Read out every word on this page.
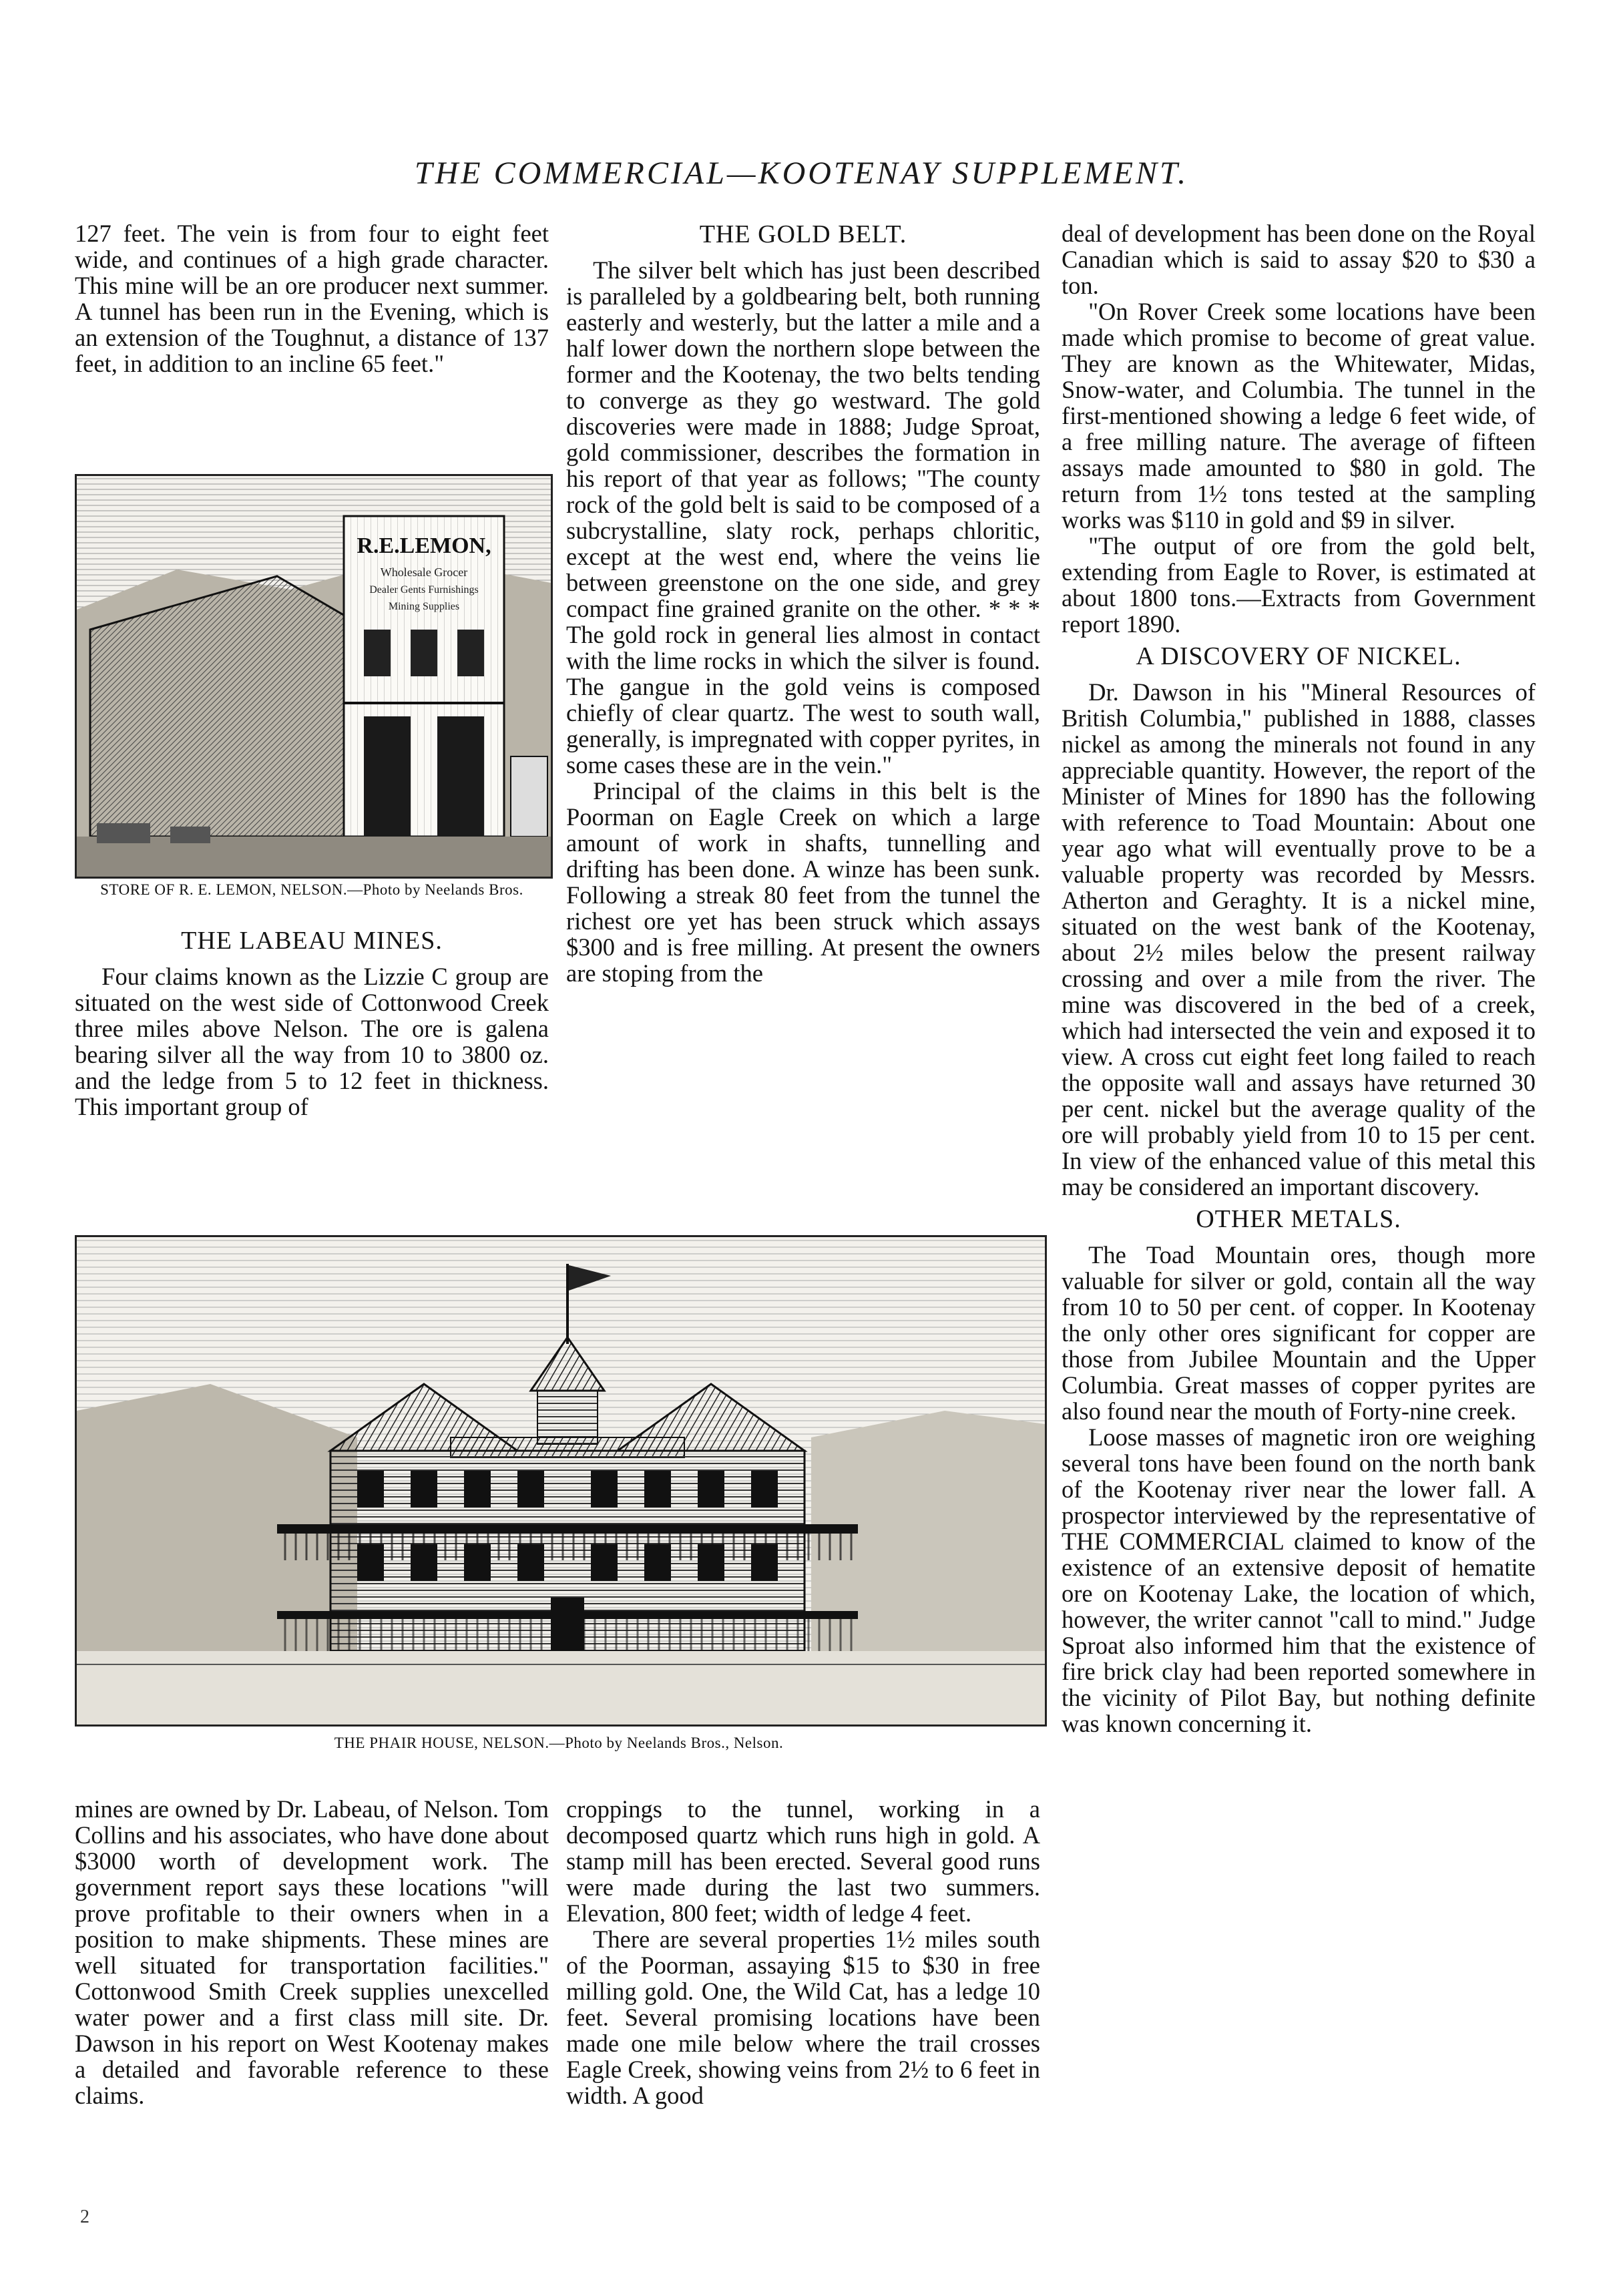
THE COMMERCIAL—KOOTENAY SUPPLEMENT.

127 feet. The vein is from four to eight feet wide, and continues of a high grade character. This mine will be an ore producer next summer. A tunnel has been run in the Evening, which is an extension of the Toughnut, a distance of 137 feet, in addition to an incline 65 feet."

R.E.LEMON,
Wholesale Grocer
Dealer Gents Furnishings
Mining Supplies
STORE OF R. E. LEMON, NELSON.—Photo by Neelands Bros.
THE LABEAU MINES.

Four claims known as the Lizzie C group are situated on the west side of Cottonwood Creek three miles above Nelson. The ore is galena bearing silver all the way from 10 to 3800 oz. and the ledge from 5 to 12 feet in thickness. This important group of

THE GOLD BELT.

The silver belt which has just been described is paralleled by a goldbearing belt, both running easterly and westerly, but the latter a mile and a half lower down the northern slope between the former and the Kootenay, the two belts tending to converge as they go westward. The gold discoveries were made in 1888; Judge Sproat, gold commissioner, describes the formation in his report of that year as follows; "The county rock of the gold belt is said to be composed of a subcrystalline, slaty rock, perhaps chloritic, except at the west end, where the veins lie between greenstone on the one side, and grey compact fine grained granite on the other. * * * The gold rock in general lies almost in contact with the lime rocks in which the silver is found. The gangue in the gold veins is composed chiefly of clear quartz. The west to south wall, generally, is impregnated with copper pyrites, in some cases these are in the vein."

Principal of the claims in this belt is the Poorman on Eagle Creek on which a large amount of work in shafts, tunnelling and drifting has been done. A winze has been sunk. Following a streak 80 feet from the tunnel the richest ore yet has been struck which assays $300 and is free milling. At present the owners are stoping from the

deal of development has been done on the Royal Canadian which is said to assay $20 to $30 a ton.

"On Rover Creek some locations have been made which promise to become of great value. They are known as the Whitewater, Midas, Snow-water, and Columbia. The tunnel in the first-mentioned showing a ledge 6 feet wide, of a free milling nature. The average of fifteen assays made amounted to $80 in gold. The return from 1½ tons tested at the sampling works was $110 in gold and $9 in silver.

"The output of ore from the gold belt, extending from Eagle to Rover, is estimated at about 1800 tons.—Extracts from Government report 1890.

A DISCOVERY OF NICKEL.

Dr. Dawson in his "Mineral Resources of British Columbia," published in 1888, classes nickel as among the minerals not found in any appreciable quantity. However, the report of the Minister of Mines for 1890 has the following with reference to Toad Mountain: About one year ago what will eventually prove to be a valuable property was recorded by Messrs. Atherton and Geraghty. It is a nickel mine, situated on the west bank of the Kootenay, about 2½ miles below the present railway crossing and over a mile from the river. The mine was discovered in the bed of a creek, which had intersected the vein and exposed it to view. A cross cut eight feet long failed to reach the opposite wall and assays have returned 30 per cent. nickel but the average quality of the ore will probably yield from 10 to 15 per cent. In view of the enhanced value of this metal this may be considered an important discovery.

OTHER METALS.

The Toad Mountain ores, though more valuable for silver or gold, contain all the way from 10 to 50 per cent. of copper. In Kootenay the only other ores significant for copper are those from Jubilee Mountain and the Upper Columbia. Great masses of copper pyrites are also found near the mouth of Forty-nine creek.

Loose masses of magnetic iron ore weighing several tons have been found on the north bank of the Kootenay river near the lower fall. A prospector interviewed by the representative of THE COMMERCIAL claimed to know of the existence of an extensive deposit of hematite ore on Kootenay Lake, the location of which, however, the writer cannot "call to mind." Judge Sproat also informed him that the existence of fire brick clay had been reported somewhere in the vicinity of Pilot Bay, but nothing definite was known concerning it.

THE PHAIR HOUSE, NELSON.—Photo by Neelands Bros., Nelson.

mines are owned by Dr. Labeau, of Nelson. Tom Collins and his associates, who have done about $3000 worth of development work. The government report says these locations "will prove profitable to their owners when in a position to make shipments. These mines are well situated for transportation facilities." Cottonwood Smith Creek supplies unexcelled water power and a first class mill site. Dr. Dawson in his report on West Kootenay makes a detailed and favorable reference to these claims.

croppings to the tunnel, working in a decomposed quartz which runs high in gold. A stamp mill has been erected. Several good runs were made during the last two summers. Elevation, 800 feet; width of ledge 4 feet.

There are several properties 1½ miles south of the Poorman, assaying $15 to $30 in free milling gold. One, the Wild Cat, has a ledge 10 feet. Several promising locations have been made one mile below where the trail crosses Eagle Creek, showing veins from 2½ to 6 feet in width. A good

2
